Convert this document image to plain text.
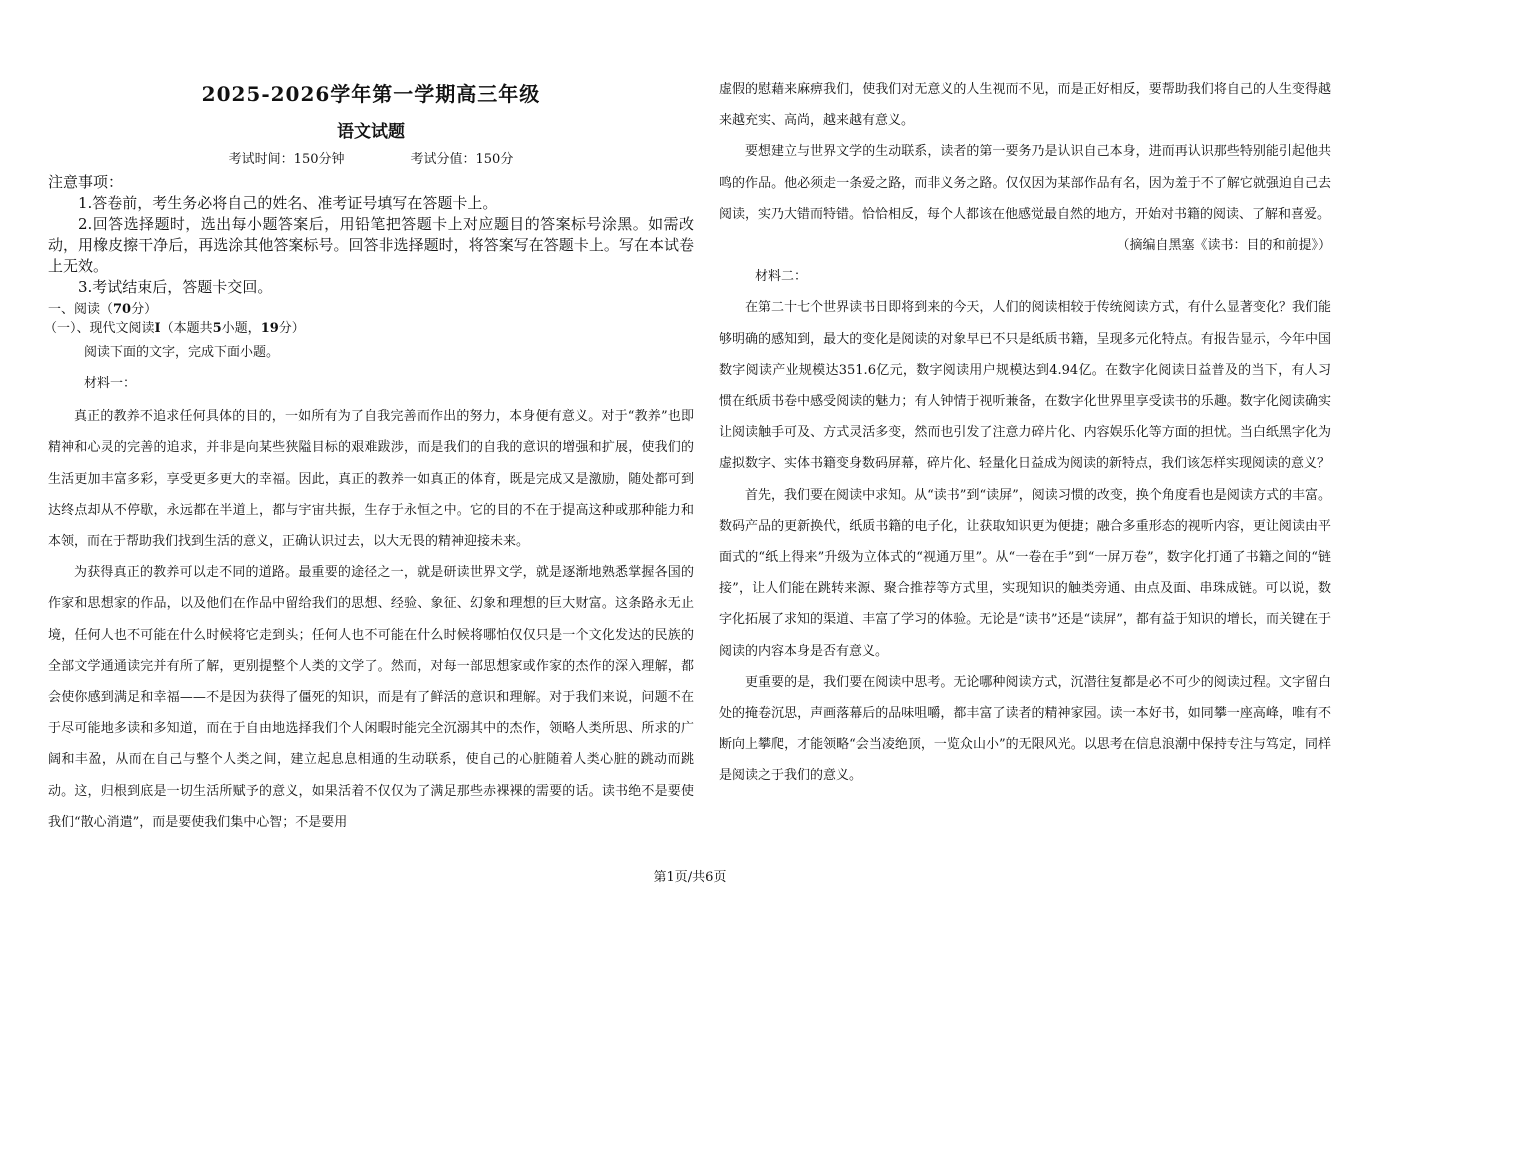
2025-2026学年第一学期高三年级
语文试题
考试时间：150分钟	考试分值：150分

注意事项：

1.答卷前，考生务必将自己的姓名、准考证号填写在答题卡上。

2.回答选择题时，选出每小题答案后，用铅笔把答题卡上对应题目的答案标号涂黑。如需改动，用橡皮擦干净后，再选涂其他答案标号。回答非选择题时，将答案写在答题卡上。写在本试卷上无效。

3.考试结束后，答题卡交回。

一、阅读（70分）

（一）、现代文阅读I（本题共5小题，19分）

阅读下面的文字，完成下面小题。

材料一：

真正的教养不追求任何具体的目的，一如所有为了自我完善而作出的努力，本身便有意义。对于“教养”也即精神和心灵的完善的追求，并非是向某些狭隘目标的艰难跋涉，而是我们的自我的意识的增强和扩展，使我们的生活更加丰富多彩，享受更多更大的幸福。因此，真正的教养一如真正的体育，既是完成又是激励，随处都可到达终点却从不停歇，永远都在半道上，都与宇宙共振，生存于永恒之中。它的目的不在于提高这种或那种能力和本领，而在于帮助我们找到生活的意义，正确认识过去，以大无畏的精神迎接未来。

为获得真正的教养可以走不同的道路。最重要的途径之一，就是研读世界文学，就是逐渐地熟悉掌握各国的作家和思想家的作品，以及他们在作品中留给我们的思想、经验、象征、幻象和理想的巨大财富。这条路永无止境，任何人也不可能在什么时候将它走到头；任何人也不可能在什么时候将哪怕仅仅只是一个文化发达的民族的全部文学通通读完并有所了解，更别提整个人类的文学了。然而，对每一部思想家或作家的杰作的深入理解，都会使你感到满足和幸福——不是因为获得了僵死的知识，而是有了鲜活的意识和理解。对于我们来说，问题不在于尽可能地多读和多知道，而在于自由地选择我们个人闲暇时能完全沉溺其中的杰作，领略人类所思、所求的广阔和丰盈，从而在自己与整个人类之间，建立起息息相通的生动联系，使自己的心脏随着人类心脏的跳动而跳动。这，归根到底是一切生活所赋予的意义，如果活着不仅仅为了满足那些赤裸裸的需要的话。读书绝不是要使我们“散心消遣”，而是要使我们集中心智；不是要用

虚假的慰藉来麻痹我们，使我们对无意义的人生视而不见，而是正好相反，要帮助我们将自己的人生变得越来越充实、高尚，越来越有意义。

要想建立与世界文学的生动联系，读者的第一要务乃是认识自己本身，进而再认识那些特别能引起他共鸣的作品。他必须走一条爱之路，而非义务之路。仅仅因为某部作品有名，因为羞于不了解它就强迫自己去阅读，实乃大错而特错。恰恰相反，每个人都该在他感觉最自然的地方，开始对书籍的阅读、了解和喜爱。

（摘编自黑塞《读书：目的和前提》）

材料二：

在第二十七个世界读书日即将到来的今天，人们的阅读相较于传统阅读方式，有什么显著变化？我们能够明确的感知到，最大的变化是阅读的对象早已不只是纸质书籍，呈现多元化特点。有报告显示，今年中国数字阅读产业规模达351.6亿元，数字阅读用户规模达到4.94亿。在数字化阅读日益普及的当下，有人习惯在纸质书卷中感受阅读的魅力；有人钟情于视听兼备，在数字化世界里享受读书的乐趣。数字化阅读确实让阅读触手可及、方式灵活多变，然而也引发了注意力碎片化、内容娱乐化等方面的担忧。当白纸黑字化为虚拟数字、实体书籍变身数码屏幕，碎片化、轻量化日益成为阅读的新特点，我们该怎样实现阅读的意义？

首先，我们要在阅读中求知。从“读书”到“读屏”，阅读习惯的改变，换个角度看也是阅读方式的丰富。数码产品的更新换代，纸质书籍的电子化，让获取知识更为便捷；融合多重形态的视听内容，更让阅读由平面式的“纸上得来”升级为立体式的“视通万里”。从“一卷在手”到“一屏万卷”，数字化打通了书籍之间的“链接”，让人们能在跳转来源、聚合推荐等方式里，实现知识的触类旁通、由点及面、串珠成链。可以说，数字化拓展了求知的渠道、丰富了学习的体验。无论是“读书”还是“读屏”，都有益于知识的增长，而关键在于阅读的内容本身是否有意义。

更重要的是，我们要在阅读中思考。无论哪种阅读方式，沉潜往复都是必不可少的阅读过程。文字留白处的掩卷沉思，声画落幕后的品味咀嚼，都丰富了读者的精神家园。读一本好书，如同攀一座高峰，唯有不断向上攀爬，才能领略“会当凌绝顶，一览众山小”的无限风光。以思考在信息浪潮中保持专注与笃定，同样是阅读之于我们的意义。

第1页/共6页
